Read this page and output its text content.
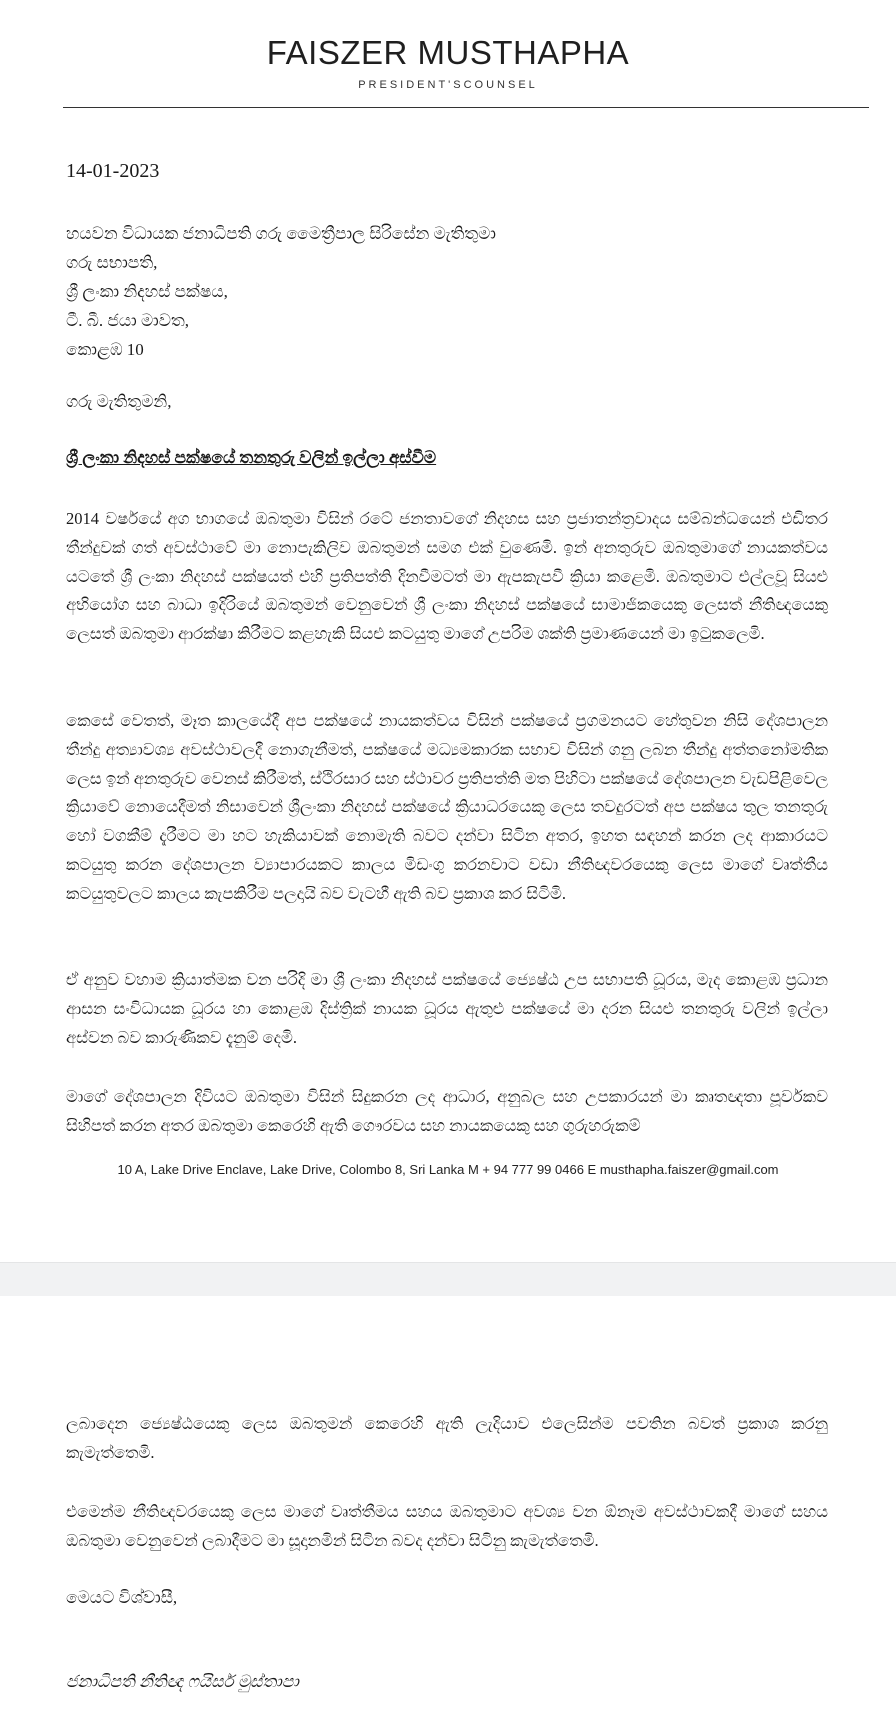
FAISZER MUSTHAPHA
PRESIDENT'SCOUNSEL
14-01-2023
හයවන විධායක ජනාධිපති ගරු මෛත්‍රීපාල සිරිසේන මැතිතුමා
ගරු සභාපති,
ශ්‍රී ලංකා නිදහස් පක්ෂය,
ටී. බී. ජයා මාවත,
කොළඹ 10
ගරු මැතිතුමනි,
ශ්‍රී ලංකා නිදහස් පක්ෂයේ තනතුරු වලින් ඉල්ලා අස්වීම
2014 වර්ෂයේ අග භාගයේ ඔබතුමා විසින් රටේ ජනතාවගේ නිදහස සහ ප්‍රජාතන්ත්‍රවාදය සම්බන්ධයෙන් එඩිතර තීන්දුවක් ගත් අවස්ථාවේ මා නොපැකිලිව ඔබතුමන් සමග එක් වුණෙමි. ඉන් අනතුරුව ඔබතුමාගේ නායකත්වය යටතේ ශ්‍රී ලංකා නිදහස් පක්ෂයත් එහි ප්‍රතිපත්ති දිනවීමටත් මා ඇපකැපවී ක්‍රියා කළෙමි. ඔබතුමාට එල්ලවූ සියළු අභියෝග සහ බාධා ඉදිරියේ ඔබතුමන් වෙනුවෙන් ශ්‍රී ලංකා නිදහස් පක්ෂයේ සාමාජිකයෙකු ලෙසත් නීතිඥයෙකු ලෙසත් ඔබතුමා ආරක්ෂා කිරීමට කළහැකි සියළු කටයුතු මාගේ උපරිම ශක්ති ප්‍රමාණයෙන් මා ඉටුකලෙමි.
කෙසේ වෙතත්, මෑත කාලයේදී අප පක්ෂයේ නායකත්වය විසින් පක්ෂයේ ප්‍රගමනයට හේතුවන නිසි දේශපාලන තීන්දු අත්‍යාවශ්‍ය අවස්ථාවලදී නොගැනීමත්, පක්ෂයේ මධ්‍යමකාරක සභාව විසින් ගනු ලබන තීන්දු අත්තනෝමතික ලෙස ඉන් අනතුරුව වෙනස් කිරීමත්, ස්ථිරසාර සහ ස්ථාවර ප්‍රතිපත්ති මත පිහිටා පක්ෂයේ දේශපාලන වැඩපිළිවෙල ක්‍රියාවේ නොයෙදීමත් නිසාවෙන් ශ්‍රීලංකා නිදහස් පක්ෂයේ ක්‍රියාධරයෙකු ලෙස තවදුරටත් අප පක්ෂය තුල තනතුරු හෝ වගකීම් දැරීමට මා හට හැකියාවක් නොමැති බවට දන්වා සිටින අතර, ඉහත සඳහන් කරන ලද ආකාරයට කටයුතු කරන දේශපාලන ව්‍යාපාරයකට කාලය මිඩංගු කරනවාට වඩා නීතිඥවරයෙකු ලෙස මාගේ වෘත්තීය කටයුතුවලට කාලය කැපකිරීම පලදායි බව වැටහී ඇති බව ප්‍රකාශ කර සිටිමි.
ඒ අනුව වහාම ක්‍රියාත්මක වන පරිදි මා ශ්‍රී ලංකා නිදහස් පක්ෂයේ ජ්‍යෙෂ්ඨ උප සභාපති ධූරය, මැද කොළඹ ප්‍රධාන ආසන සංවිධායක ධූරය හා කොළඹ දිස්ත්‍රික් නායක ධූරය ඇතුළු පක්ෂයේ මා දරන සියළු තනතුරු වලින් ඉල්ලා අස්වන බව කාරුණිකව දැනුම් දෙමි.
මාගේ දේශපාලන දිවියට ඔබතුමා විසින් සිදුකරන ලද ආධාර, අනුබල සහ උපකාරයන් මා කෘතඥතා පූර්වකව සිහිපත් කරන අතර ඔබතුමා කෙරෙහි ඇති ගෞරවය සහ නායකයෙකු සහ ගුරුහරුකම්
10 A, Lake Drive Enclave, Lake Drive, Colombo 8, Sri Lanka M + 94 777 99 0466 E musthapha.faiszer@gmail.com
ලබාදෙන ජ්‍යෙෂ්ඨයෙකු ලෙස ඔබතුමන් කෙරෙහි ඇති ලැදියාව එලෙසින්ම පවතින බවත් ප්‍රකාශ කරනු කැමැත්තෙමි.
එමෙන්ම නීතිඥවරයෙකු ලෙස මාගේ වෘත්තීමය සහය ඔබතුමාට අවශ්‍ය වන ඕනෑම අවස්ථාවකදී මාගේ සහය ඔබතුමා වෙනුවෙන් ලබාදීමට මා සූදානමින් සිටින බවද දන්වා සිටිනු කැමැත්තෙමි.
මෙයට විශ්වාසී,
ජනාධිපති නීතිඥ ෆයිසර් මුස්තාපා
